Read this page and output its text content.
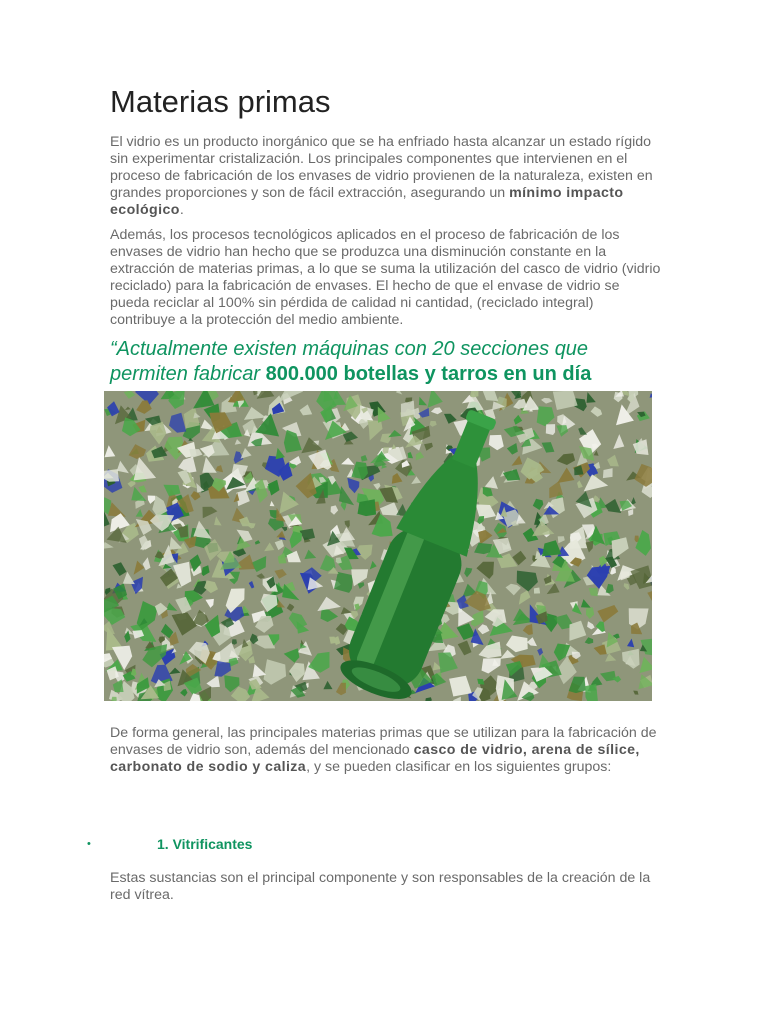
Materias primas

El vidrio es un producto inorgánico que se ha enfriado hasta alcanzar un estado rígido sin experimentar cristalización. Los principales componentes que intervienen en el proceso de fabricación de los envases de vidrio provienen de la naturaleza, existen en grandes proporciones y son de fácil extracción, asegurando un mínimo impacto ecológico.

Además, los procesos tecnológicos aplicados en el proceso de fabricación de los envases de vidrio han hecho que se produzca una disminución constante en la extracción de materias primas, a lo que se suma la utilización del casco de vidrio (vidrio reciclado) para la fabricación de envases. El hecho de que el envase de vidrio se pueda reciclar al 100% sin pérdida de calidad ni cantidad, (reciclado integral) contribuye a la protección del medio ambiente.

“Actualmente existen máquinas con 20 secciones que permiten fabricar 800.000 botellas y tarros en un día

De forma general, las principales materias primas que se utilizan para la fabricación de envases de vidrio son, además del mencionado casco de vidrio, arena de sílice, carbonato de sodio y caliza, y se pueden clasificar en los siguientes grupos:

•	1. Vitrificantes

Estas sustancias son el principal componente y son responsables de la creación de la red vítrea.
